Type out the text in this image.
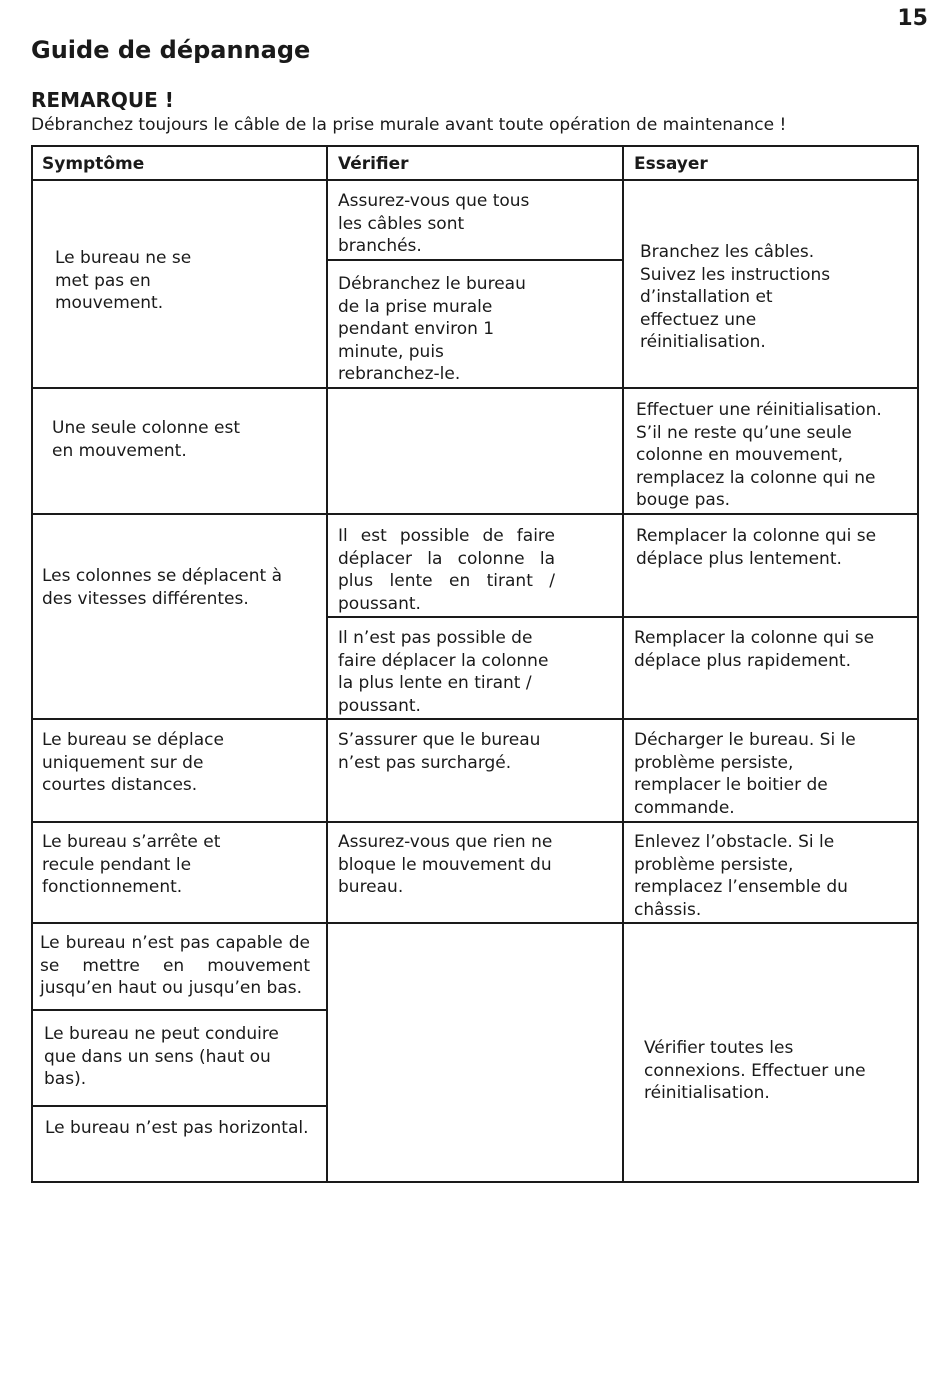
15
Guide de dépannage
REMARQUE !
Débranchez toujours le câble de la prise murale avant toute opération de maintenance !
Symptôme	Vérifier	Essayer
Le bureau ne se met pas en mouvement.
Assurez-vous que tous les câbles sont branchés.
Débranchez le bureau de la prise murale pendant environ 1 minute, puis rebranchez-le.
Branchez les câbles. Suivez les instructions d’installation et effectuez une réinitialisation.
Une seule colonne est en mouvement.
Effectuer une réinitialisation. S’il ne reste qu’une seule colonne en mouvement, remplacez la colonne qui ne bouge pas.
Les colonnes se déplacent à des vitesses différentes.
Il est possible de faire déplacer la colonne la plus lente en tirant / poussant.
Remplacer la colonne qui se déplace plus lentement.
Il n’est pas possible de faire déplacer la colonne la plus lente en tirant / poussant.
Remplacer la colonne qui se déplace plus rapidement.
Le bureau se déplace uniquement sur de courtes distances.
S’assurer que le bureau n’est pas surchargé.
Décharger le bureau. Si le problème persiste, remplacer le boitier de commande.
Le bureau s’arrête et recule pendant le fonctionnement.
Assurez-vous que rien ne bloque le mouvement du bureau.
Enlevez l’obstacle. Si le problème persiste, remplacez l’ensemble du châssis.
Le bureau n’est pas capable de se mettre en mouvement jusqu’en haut ou jusqu’en bas.
Le bureau ne peut conduire que dans un sens (haut ou bas).
Le bureau n’est pas horizontal.
Vérifier toutes les connexions. Effectuer une réinitialisation.
